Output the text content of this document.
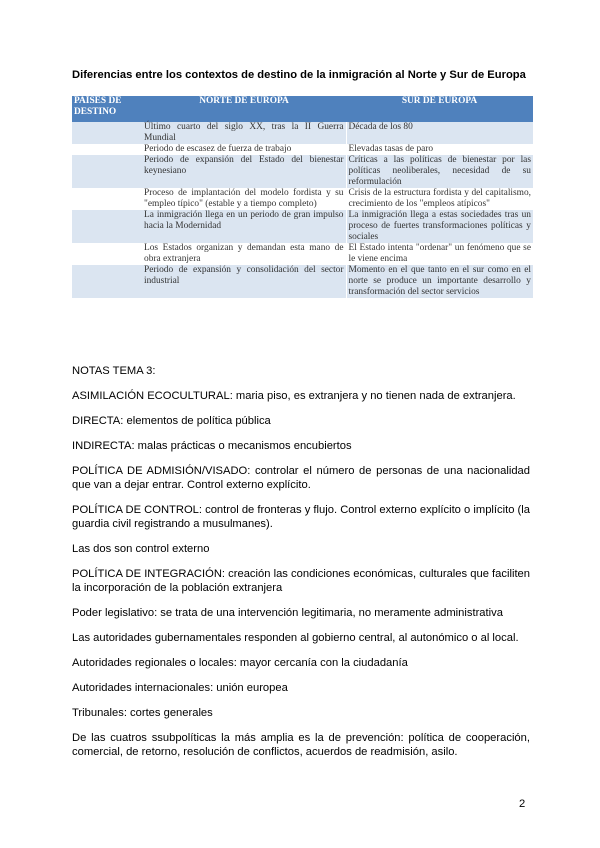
Diferencias entre los contextos de destino de la inmigración al Norte y Sur de Europa
PAÍSES DE DESTINO	NORTE DE EUROPA	SUR DE EUROPA
	Último cuarto del siglo XX, tras la II Guerra Mundial	Década de los 80
	Periodo de escasez de fuerza de trabajo	Elevadas tasas de paro
	Periodo de expansión del Estado del bienestar keynesiano	Críticas a las políticas de bienestar por las políticas neoliberales, necesidad de su reformulación
	Proceso de implantación del modelo fordista y su "empleo típico" (estable y a tiempo completo)	Crisis de la estructura fordista y del capitalismo, crecimiento de los "empleos atípicos"
	La inmigración llega en un periodo de gran impulso hacia la Modernidad	La inmigración llega a estas sociedades tras un proceso de fuertes transformaciones políticas y sociales
	Los Estados organizan y demandan esta mano de obra extranjera	El Estado intenta "ordenar" un fenómeno que se le viene encima
	Periodo de expansión y consolidación del sector industrial	Momento en el que tanto en el sur como en el norte se produce un importante desarrollo y transformación del sector servicios

NOTAS TEMA 3:

ASIMILACIÓN ECOCULTURAL: maria piso, es extranjera y no tienen nada de extranjera.

DIRECTA: elementos de política pública

INDIRECTA: malas prácticas o mecanismos encubiertos

POLÍTICA DE ADMISIÓN/VISADO: controlar el número de personas de una nacionalidad que van a dejar entrar. Control externo explícito.

POLÍTICA DE CONTROL: control de fronteras y flujo. Control externo explícito o implícito (la guardia civil registrando a musulmanes).

Las dos son control externo

POLÍTICA DE INTEGRACIÓN: creación las condiciones económicas, culturales que faciliten la incorporación de la población extranjera

Poder legislativo: se trata de una intervención legitimaria, no meramente administrativa

Las autoridades gubernamentales responden al gobierno central, al autonómico o al local.

Autoridades regionales o locales: mayor cercanía con la ciudadanía

Autoridades internacionales: unión europea

Tribunales: cortes generales

De las cuatros ssubpolíticas la más amplia es la de prevención: política de cooperación, comercial, de retorno, resolución de conflictos, acuerdos de readmisión, asilo.

2
